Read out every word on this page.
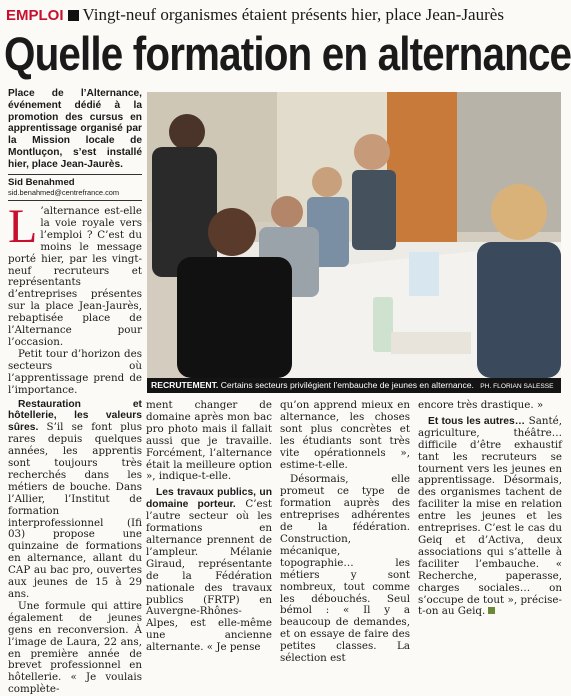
EMPLOI Vingt-neuf organismes étaient présents hier, place Jean-Jaurès
Quelle formation en alternance
Place de l’Alternance, événement dédié à la promotion des cursus en apprentissage organisé par la Mission locale de Montluçon, s’est installé hier, place Jean-Jaurès.
Sid Benahmed
sid.benahmed@centrefrance.com

L ’alternance est-elle la voie royale vers l’emploi ? C’est du moins le message porté hier, par les vingt-neuf recruteurs et représentants d’entreprises présentes sur la place Jean-Jaurès, rebaptisée place de l’Alternance pour l’occasion.

Petit tour d’horizon des secteurs où l’apprentissage prend de l’importance.

Restauration et hôtellerie, les valeurs sûres. S’il se font plus rares depuis quelques années, les apprentis sont toujours très recherchés dans les métiers de bouche. Dans l’Allier, l’Institut de formation interprofessionnel (Ifi 03) propose une quinzaine de formations en alternance, allant du CAP au bac pro, ouvertes aux jeunes de 15 à 29 ans.

Une formule qui attire également de jeunes gens en reconversion. À l’image de Laura, 22 ans, en première année de brevet professionnel en hôtellerie. « Je voulais complète-

RECRUTEMENT. Certains secteurs privilégient l’embauche de jeunes en alternance. PH. FLORIAN SALESSE

ment changer de domaine après mon bac pro photo mais il fallait aussi que je travaille. Forcément, l’alternance était la meilleure option », indique-t-elle.

Les travaux publics, un domaine porteur. C’est l’autre secteur où les formations en alternance prennent de l’ampleur. Mélanie Giraud, représentante de la Fédération nationale des travaux publics (FRTP) en Auvergne-Rhônes-Alpes, est elle-même une ancienne alternante. « Je pense

qu’on apprend mieux en alternance, les choses sont plus concrètes et les étudiants sont très vite opérationnels », estime-t-elle.

Désormais, elle promeut ce type de formation auprès des entreprises adhérentes de la fédération. Construction, mécanique, topographie… les métiers y sont nombreux, tout comme les débouchés. Seul bémol : « Il y a beaucoup de demandes, et on essaye de faire des petites classes. La sélection est

encore très drastique. »

Et tous les autres… Santé, agriculture, théâtre… difficile d’être exhaustif tant les recruteurs se tournent vers les jeunes en apprentissage. Désormais, des organismes tachent de faciliter la mise en relation entre les jeunes et les entreprises. C’est le cas du Geiq et d’Activa, deux associations qui s’attelle à faciliter l’embauche. « Recherche, paperasse, charges sociales… on s’occupe de tout », précise-t-on au Geiq.
